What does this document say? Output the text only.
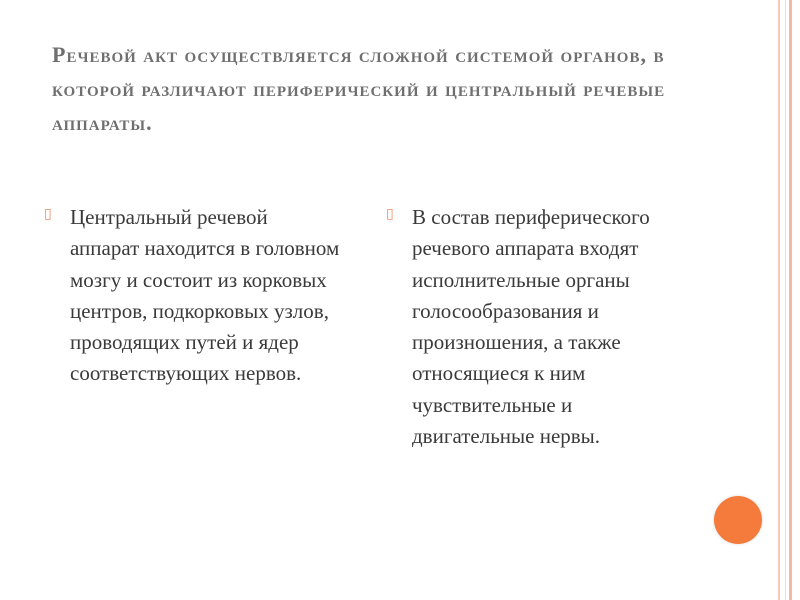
Речевой акт осуществляется сложной системой органов, в которой различают периферический и центральный речевые аппараты.
▯ Центральный речевой аппарат находится в головном мозгу и состоит из корковых центров, подкорковых узлов, проводящих путей и ядер соответствующих нервов.
▯ В состав периферического речевого аппарата входят исполнительные органы голосообразования и произношения, а также относящиеся к ним чувствительные и двигательные нервы.
